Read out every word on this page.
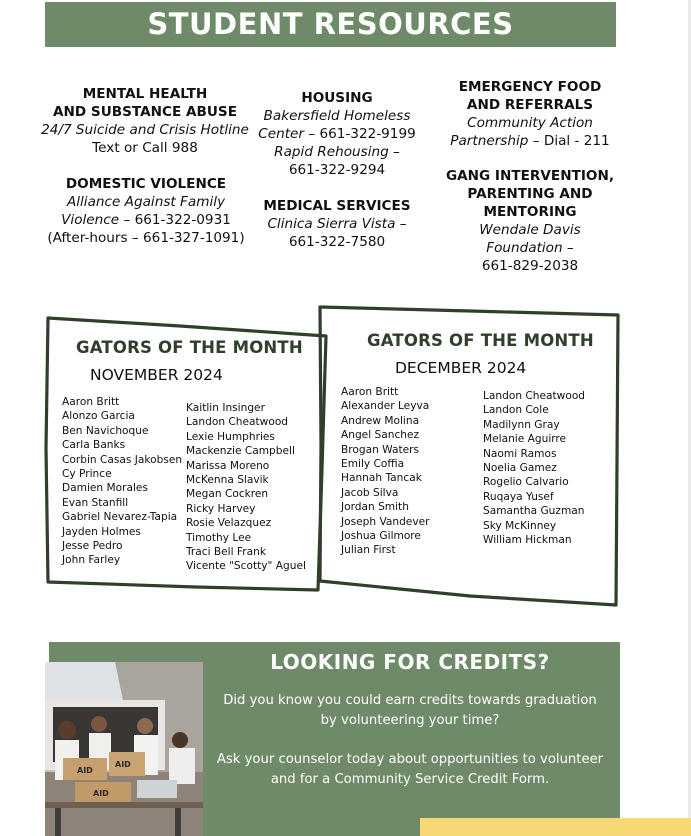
STUDENT RESOURCES
MENTAL HEALTH
AND SUBSTANCE ABUSE
24/7 Suicide and Crisis Hotline
Text or Call 988
DOMESTIC VIOLENCE
Alliance Against Family
Violence – 661-322-0931
(After-hours – 661-327-1091)
HOUSING
Bakersfield Homeless
Center – 661-322-9199
Rapid Rehousing –
661-322-9294
MEDICAL SERVICES
Clinica Sierra Vista –
661-322-7580
EMERGENCY FOOD
AND REFERRALS
Community Action
Partnership – Dial - 211
GANG INTERVENTION,
PARENTING AND
MENTORING
Wendale Davis
Foundation –
661-829-2038
GATORS OF THE MONTH
NOVEMBER 2024
Aaron Britt
Alonzo Garcia
Ben Navichoque
Carla Banks
Corbin Casas Jakobsen
Cy Prince
Damien Morales
Evan Stanfill
Gabriel Nevarez-Tapia
Jayden Holmes
Jesse Pedro
John Farley
Kaitlin Insinger
Landon Cheatwood
Lexie Humphries
Mackenzie Campbell
Marissa Moreno
McKenna Slavik
Megan Cockren
Ricky Harvey
Rosie Velazquez
Timothy Lee
Traci Bell Frank
Vicente "Scotty" Aguel
GATORS OF THE MONTH
DECEMBER 2024
Aaron Britt
Alexander Leyva
Andrew Molina
Angel Sanchez
Brogan Waters
Emily Coffia
Hannah Tancak
Jacob Silva
Jordan Smith
Joseph Vandever
Joshua Gilmore
Julian First
Landon Cheatwood
Landon Cole
Madilynn Gray
Melanie Aguirre
Naomi Ramos
Noelia Gamez
Rogelio Calvario
Ruqaya Yusef
Samantha Guzman
Sky McKinney
William Hickman
LOOKING FOR CREDITS?
Did you know you could earn credits towards graduation
by volunteering your time?
Ask your counselor today about opportunities to volunteer
and for a Community Service Credit Form.
AID
AID
AID
